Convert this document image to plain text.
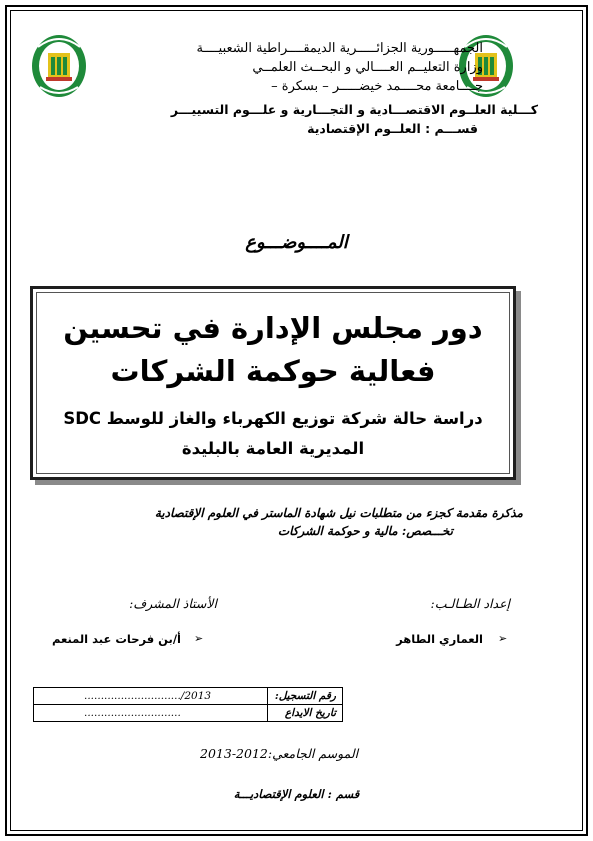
الجمهـــــورية الجزائـــــرية الديمقــــراطية الشعبيــــة
وزارة التعليــم العــــالي و البحــث العلمــي
جــــامعة محــــمد خيضـــــر – بسكرة –
كـــلية العلــوم الاقتصـــادية و التجـــارية و علـــوم التسييـــر
قســـم : العلــوم الإقتصادية
المــــوضـــوع
دور مجلس الإدارة في تحسين
فعالية حوكمة الشركات
دراسة حالة شركة توزيع الكهرباء والغاز للوسط SDC
المديرية العامة بالبليدة
مذكرة مقدمة كجزء من متطلبات نيل شهادة الماستر في العلوم الإقتصادية
تخـــصص: مالية و حوكمة الشركات
إعداد الطـالـب:
الأستاذ المشرف:
➢
العماري الطاهر
➢
أ/بن فرحات عبد المنعم
............................./2013	رقم التسجيل:
.............................	تاريخ الايداع
الموسم الجامعي:2012-2013
قسم : العلوم الإقتصاديـــة
